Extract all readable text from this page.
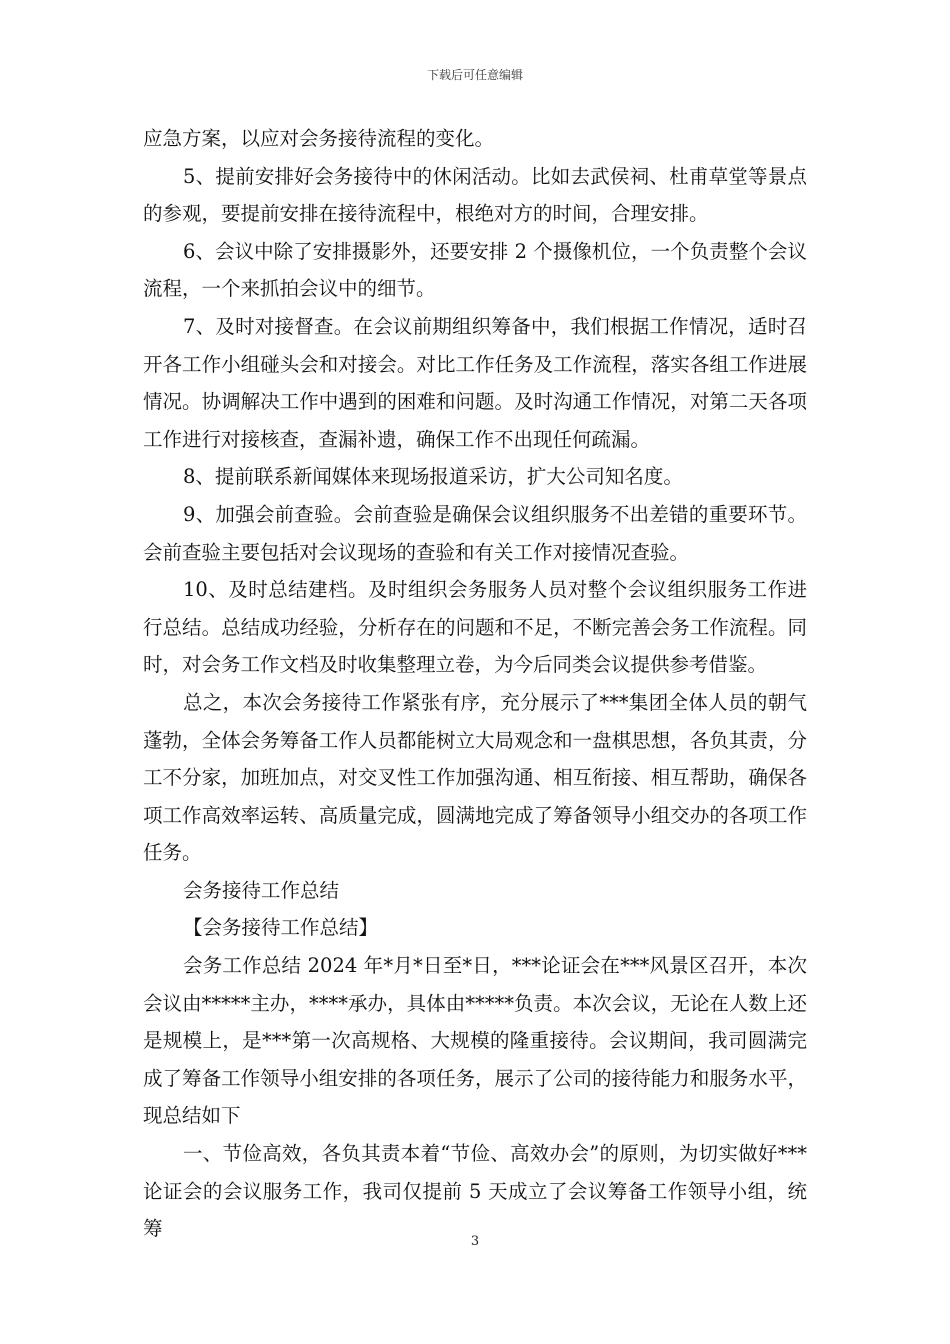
下载后可任意编辑

应急方案，以应对会务接待流程的变化。

5、提前安排好会务接待中的休闲活动。比如去武侯祠、杜甫草堂等景点的参观，要提前安排在接待流程中，根绝对方的时间，合理安排。

6、会议中除了安排摄影外，还要安排 2 个摄像机位，一个负责整个会议流程，一个来抓拍会议中的细节。

7、及时对接督查。在会议前期组织筹备中，我们根据工作情况，适时召开各工作小组碰头会和对接会。对比工作任务及工作流程，落实各组工作进展情况。协调解决工作中遇到的困难和问题。及时沟通工作情况，对第二天各项工作进行对接核查，查漏补遗，确保工作不出现任何疏漏。

8、提前联系新闻媒体来现场报道采访，扩大公司知名度。

9、加强会前查验。会前查验是确保会议组织服务不出差错的重要环节。会前查验主要包括对会议现场的查验和有关工作对接情况查验。

10、及时总结建档。及时组织会务服务人员对整个会议组织服务工作进行总结。总结成功经验，分析存在的问题和不足，不断完善会务工作流程。同时，对会务工作文档及时收集整理立卷，为今后同类会议提供参考借鉴。

总之，本次会务接待工作紧张有序，充分展示了***集团全体人员的朝气蓬勃，全体会务筹备工作人员都能树立大局观念和一盘棋思想，各负其责，分工不分家，加班加点，对交叉性工作加强沟通、相互衔接、相互帮助，确保各项工作高效率运转、高质量完成，圆满地完成了筹备领导小组交办的各项工作任务。

会务接待工作总结

【会务接待工作总结】

会务工作总结 2024 年*月*日至*日，***论证会在***风景区召开，本次会议由*****主办，****承办，具体由*****负责。本次会议，无论在人数上还是规模上，是***第一次高规格、大规模的隆重接待。会议期间，我司圆满完成了筹备工作领导小组安排的各项任务，展示了公司的接待能力和服务水平，现总结如下

一、节俭高效，各负其责本着“节俭、高效办会”的原则，为切实做好***论证会的会议服务工作，我司仅提前 5 天成立了会议筹备工作领导小组，统筹

3
